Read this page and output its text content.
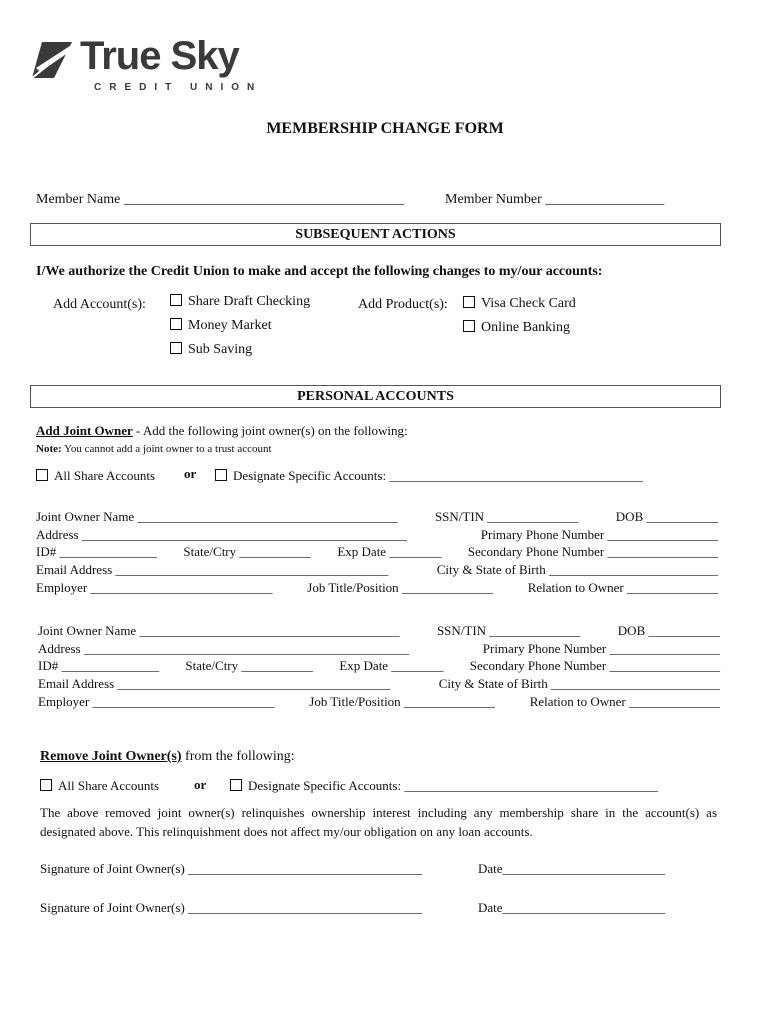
True Sky
CREDIT UNION
MEMBERSHIP CHANGE FORM
Member Name ________________________________________	Member Number _________________
SUBSEQUENT ACTIONS
I/We authorize the Credit Union to make and accept the following changes to my/our accounts:
Add Account(s):	Share Draft Checking
Money Market
Sub Saving
Add Product(s):	Visa Check Card
Online Banking
PERSONAL ACCOUNTS
Add Joint Owner - Add the following joint owner(s) on the following:
Note: You cannot add a joint owner to a trust account
All Share Accounts or	Designate Specific Accounts: _______________________________________
Joint Owner Name ________________________________________	SSN/TIN ______________	DOB ___________
Address __________________________________________________	Primary Phone Number _________________
ID# _______________ State/Ctry ___________ Exp Date ________ Secondary Phone Number _________________
Email Address __________________________________________	City & State of Birth __________________________
Employer ____________________________	Job Title/Position ______________	Relation to Owner ______________
Joint Owner Name ________________________________________	SSN/TIN ______________	DOB ___________
Address __________________________________________________	Primary Phone Number _________________
ID# _______________ State/Ctry ___________ Exp Date ________ Secondary Phone Number _________________
Email Address __________________________________________	City & State of Birth __________________________
Employer ____________________________	Job Title/Position ______________	Relation to Owner ______________
Remove Joint Owner(s) from the following:
All Share Accounts	or	Designate Specific Accounts: _______________________________________
The above removed joint owner(s) relinquishes ownership interest including any membership share in the account(s) as designated above. This relinquishment does not affect my/our obligation on any loan accounts.
Signature of Joint Owner(s) ____________________________________	Date_________________________
Signature of Joint Owner(s) ____________________________________	Date_________________________
